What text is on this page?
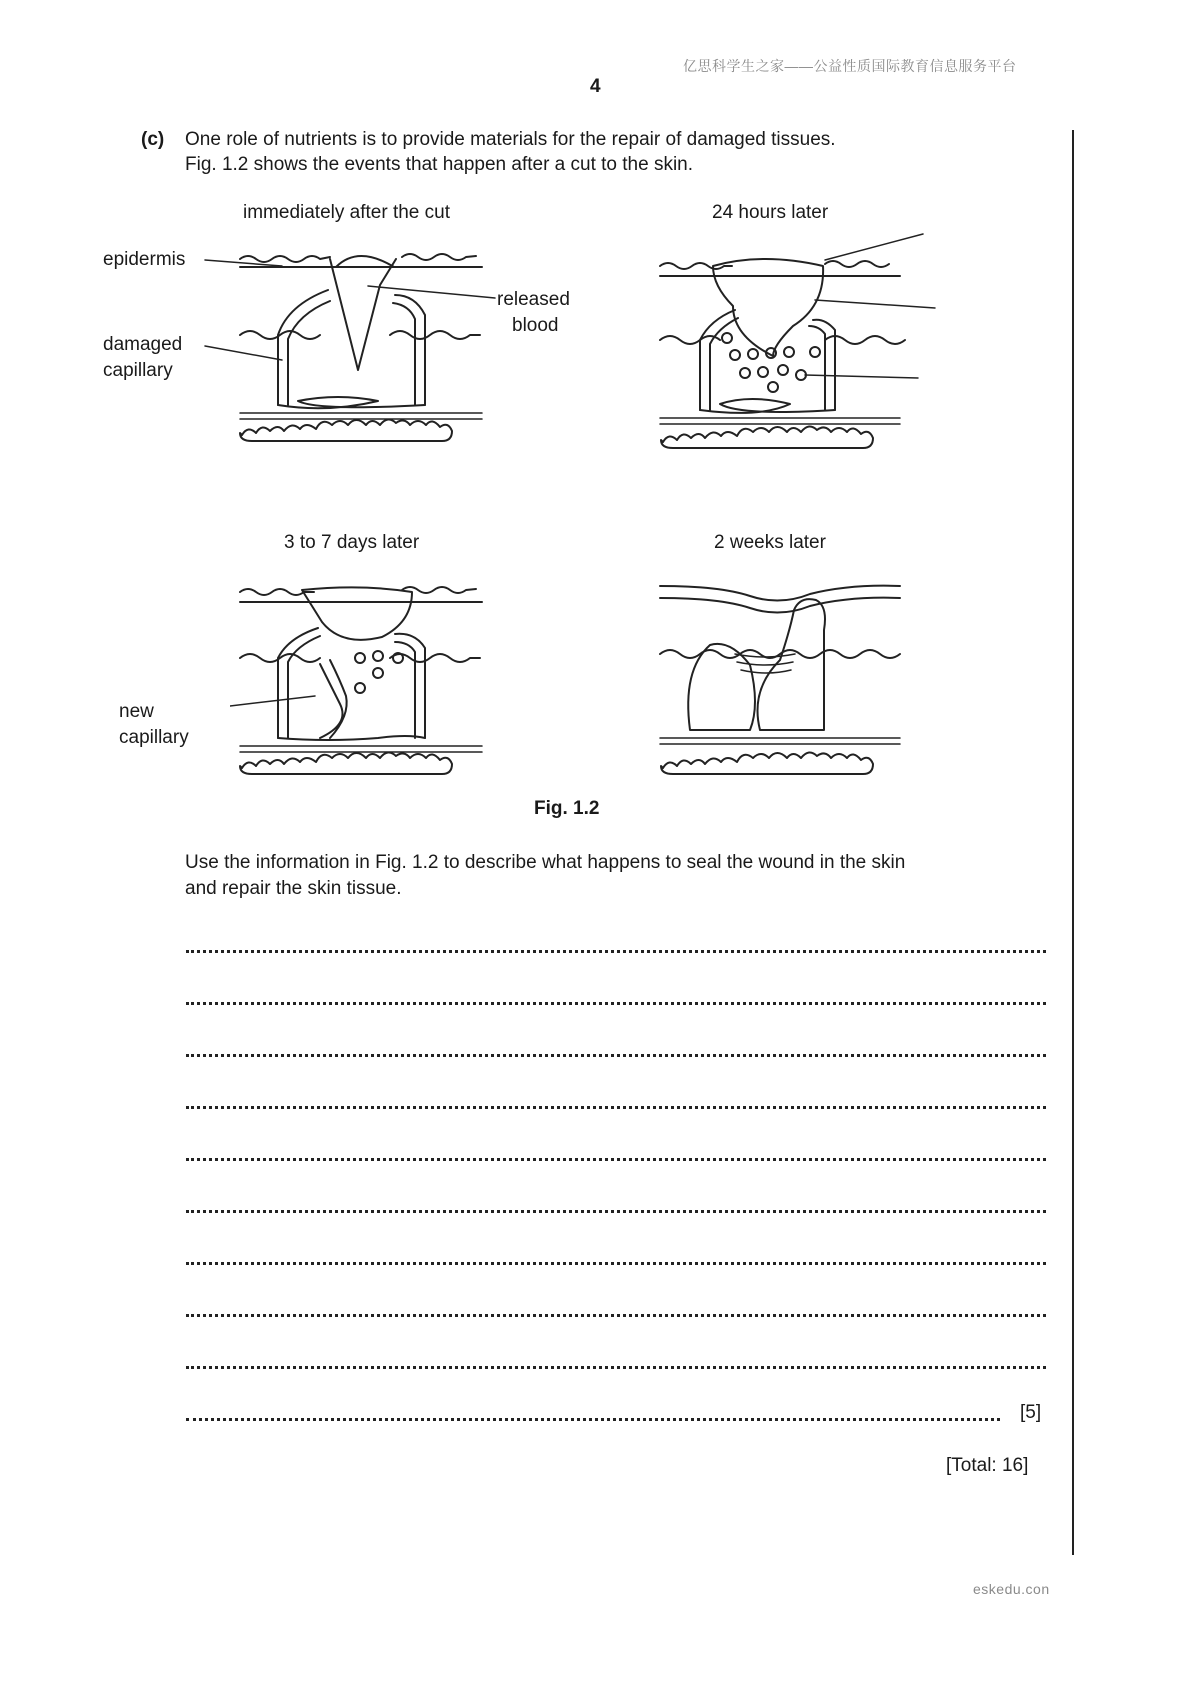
亿思科学生之家——公益性质国际教育信息服务平台
4
(c) One role of nutrients is to provide materials for the repair of damaged tissues.
Fig. 1.2 shows the events that happen after a cut to the skin.
immediately after the cut	24 hours later
3 to 7 days later	2 weeks later
epidermis
released
blood
damaged
capillary
new
capillary
Fig. 1.2
Use the information in Fig. 1.2 to describe what happens to seal the wound in the skin
and repair the skin tissue.
[5]
[Total: 16]
eskedu.con
